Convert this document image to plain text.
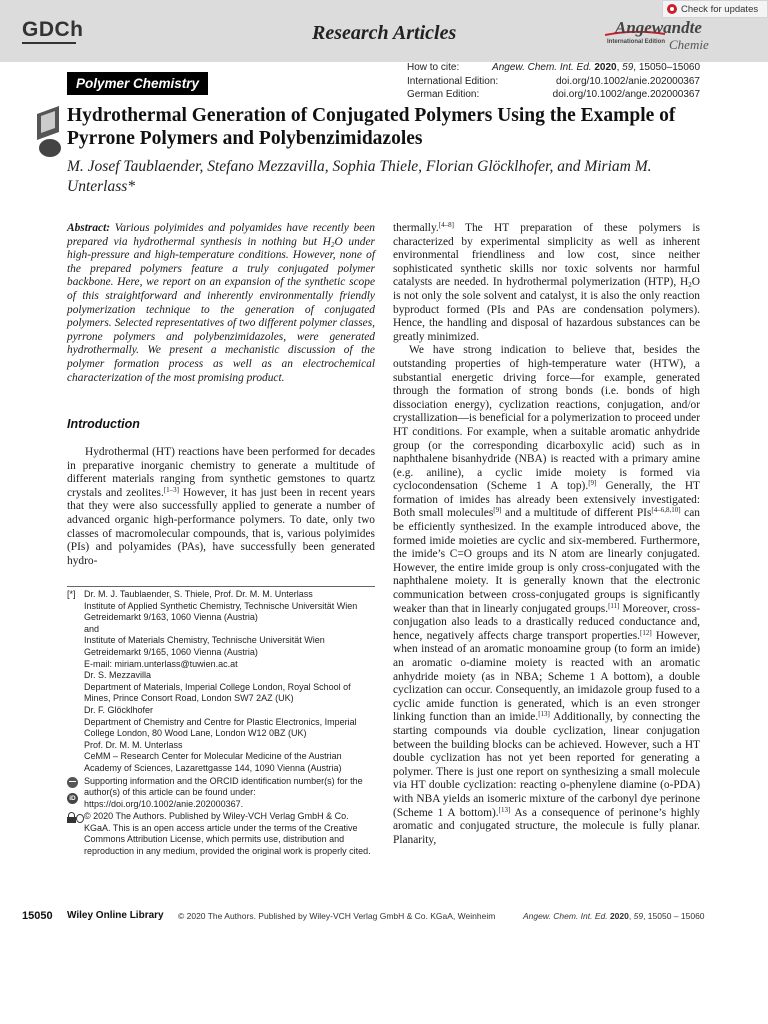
GDCh	Research Articles	Angewandte
International Edition Chemie
Check for updates
Polymer Chemistry
How to cite:	Angew. Chem. Int. Ed. 2020, 59, 15050–15060
International Edition:	doi.org/10.1002/anie.202000367
German Edition:	doi.org/10.1002/ange.202000367
Hydrothermal Generation of Conjugated Polymers Using the Example of Pyrrone Polymers and Polybenzimidazoles
M. Josef Taublaender, Stefano Mezzavilla, Sophia Thiele, Florian Glöcklhofer, and Miriam M. Unterlass*
Abstract: Various polyimides and polyamides have recently been prepared via hydrothermal synthesis in nothing but $H_2O$ under high-pressure and high-temperature conditions. However, none of the prepared polymers feature a truly conjugated polymer backbone. Here, we report on an expansion of the synthetic scope of this straightforward and inherently environmentally friendly polymerization technique to the generation of conjugated polymers. Selected representatives of two different polymer classes, pyrrone polymers and polybenzimidazoles, were generated hydrothermally. We present a mechanistic discussion of the polymer formation process as well as an electrochemical characterization of the most promising product.
Introduction
Hydrothermal (HT) reactions have been performed for decades in preparative inorganic chemistry to generate a multitude of different materials ranging from synthetic gemstones to quartz crystals and zeolites.[1–3] However, it has just been in recent years that they were also successfully applied to generate a number of advanced organic high-performance polymers. To date, only two classes of macromolecular compounds, that is, various polyimides (PIs) and polyamides (PAs), have successfully been generated hydro-
[*] Dr. M. J. Taublaender, S. Thiele, Prof. Dr. M. M. Unterlass
Institute of Applied Synthetic Chemistry, Technische Universität Wien
Getreidemarkt 9/163, 1060 Vienna (Austria)
and
Institute of Materials Chemistry, Technische Universität Wien
Getreidemarkt 9/165, 1060 Vienna (Austria)
E-mail: miriam.unterlass@tuwien.ac.at
Dr. S. Mezzavilla
Department of Materials, Imperial College London, Royal School of Mines, Prince Consort Road, London SW7 2AZ (UK)
Dr. F. Glöcklhofer
Department of Chemistry and Centre for Plastic Electronics, Imperial College London, 80 Wood Lane, London W12 0BZ (UK)
Prof. Dr. M. M. Unterlass
CeMM – Research Center for Molecular Medicine of the Austrian Academy of Sciences, Lazarettgasse 144, 1090 Vienna (Austria)
iD
Supporting information and the ORCID identification number(s) for the author(s) of this article can be found under: https://doi.org/10.1002/anie.202000367.
© 2020 The Authors. Published by Wiley-VCH Verlag GmbH & Co. KGaA. This is an open access article under the terms of the Creative Commons Attribution License, which permits use, distribution and reproduction in any medium, provided the original work is properly cited.
thermally.[4–8] The HT preparation of these polymers is characterized by experimental simplicity as well as inherent environmental friendliness and low cost, since neither sophisticated synthetic skills nor toxic solvents nor harmful catalysts are needed. In hydrothermal polymerization (HTP), $H_2O$ is not only the sole solvent and catalyst, it is also the only reaction byproduct formed (PIs and PAs are condensation polymers). Hence, the handling and disposal of hazardous substances can be greatly minimized.
We have strong indication to believe that, besides the outstanding properties of high-temperature water (HTW), a substantial energetic driving force—for example, generated through the formation of strong bonds (i.e. bonds of high dissociation energy), cyclization reactions, conjugation, and/or crystallization—is beneficial for a polymerization to proceed under HT conditions. For example, when a suitable aromatic anhydride group (or the corresponding dicarboxylic acid) such as in naphthalene bisanhydride (NBA) is reacted with a primary amine (e.g. aniline), a cyclic imide moiety is formed via cyclocondensation (Scheme 1 A top).[9] Generally, the HT formation of imides has already been extensively investigated: Both small molecules[9] and a multitude of different PIs[4–6,8,10] can be efficiently synthesized. In the example introduced above, the formed imide moieties are cyclic and six-membered. Furthermore, the imide’s C=O groups and its N atom are linearly conjugated. However, the entire imide group is only cross-conjugated with the naphthalene moiety. It is generally known that the electronic communication between cross-conjugated groups is significantly weaker than that in linearly conjugated groups.[11] Moreover, cross-conjugation also leads to a drastically reduced conductance and, hence, negatively affects charge transport properties.[12] However, when instead of an aromatic monoamine group (to form an imide) an aromatic o-diamine moiety is reacted with an aromatic anhydride moiety (as in NBA; Scheme 1 A bottom), a double cyclization can occur. Consequently, an imidazole group fused to a cyclic amide function is generated, which is an even stronger linking function than an imide.[13] Additionally, by connecting the starting compounds via double cyclization, linear conjugation between the building blocks can be achieved. However, such a HT double cyclization has not yet been reported for generating a polymer. There is just one report on synthesizing a small molecule via HT double cyclization: reacting o-phenylene diamine (o-PDA) with NBA yields an isomeric mixture of the carbonyl dye perinone (Scheme 1 A bottom).[13] As a consequence of perinone’s highly aromatic and conjugated structure, the molecule is fully planar. Planarity,
15050 Wiley Online Library © 2020 The Authors. Published by Wiley-VCH Verlag GmbH & Co. KGaA, Weinheim	Angew. Chem. Int. Ed. 2020, 59, 15050 – 15060
